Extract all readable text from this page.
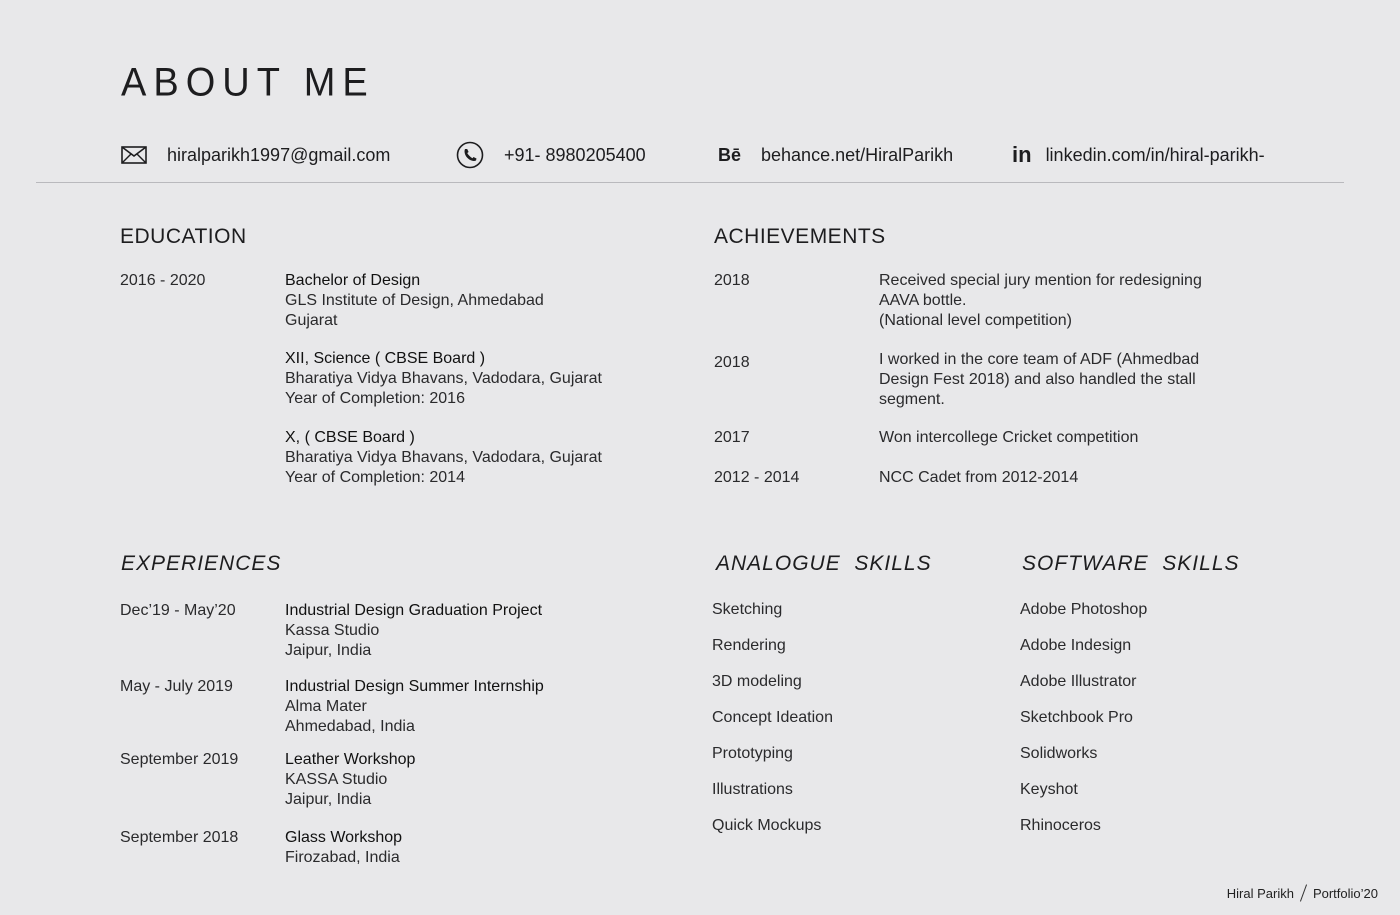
ABOUT ME
hiralparikh1997@gmail.com	+91- 8980205400	Bē behance.net/HiralParikh	in linkedin.com/in/hiral-parikh-
EDUCATION
2016 - 2020	Bachelor of Design
GLS Institute of Design, Ahmedabad
Gujarat
XII, Science ( CBSE Board )
Bharatiya Vidya Bhavans, Vadodara, Gujarat
Year of Completion: 2016
X, ( CBSE Board )
Bharatiya Vidya Bhavans, Vadodara, Gujarat
Year of Completion: 2014
ACHIEVEMENTS
2018	Received special jury mention for redesigning
AAVA bottle.
(National level competition)
2018	I worked in the core team of ADF (Ahmedbad
Design Fest 2018) and also handled the stall
segment.
2017	Won intercollege Cricket competition
2012 - 2014	NCC Cadet from 2012-2014
EXPERIENCES
Dec’19 - May’20	Industrial Design Graduation Project
Kassa Studio
Jaipur, India
May - July 2019	Industrial Design Summer Internship
Alma Mater
Ahmedabad, India
September 2019	Leather Workshop
KASSA Studio
Jaipur, India
September 2018	Glass Workshop
Firozabad, India
ANALOGUE  SKILLS
Sketching
Rendering
3D modeling
Concept Ideation
Prototyping
Illustrations
Quick Mockups
SOFTWARE  SKILLS
Adobe Photoshop
Adobe Indesign
Adobe Illustrator
Sketchbook Pro
Solidworks
Keyshot
Rhinoceros
Hiral Parikh Portfolio’20
